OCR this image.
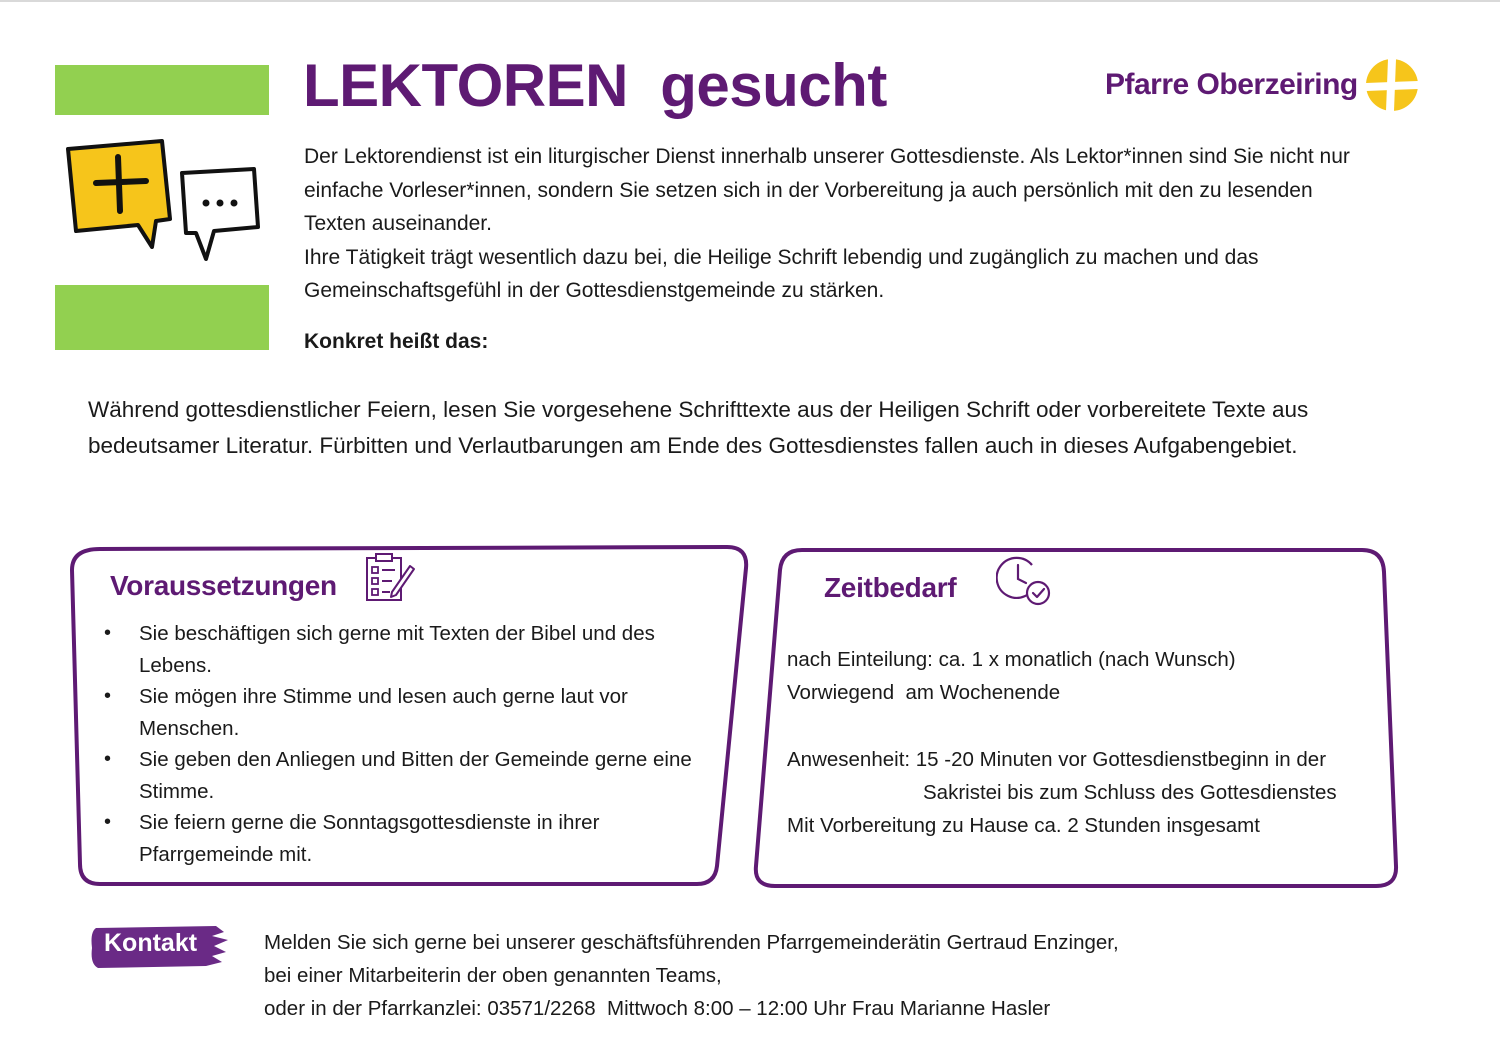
LEKTOREN  gesucht	Pfarre Oberzeiring

Der Lektorendienst ist ein liturgischer Dienst innerhalb unserer Gottesdienste. Als Lektor*innen sind Sie nicht nur

einfache Vorleser*innen, sondern Sie setzen sich in der Vorbereitung ja auch persönlich mit den zu lesenden

Texten auseinander.

Ihre Tätigkeit trägt wesentlich dazu bei, die Heilige Schrift lebendig und zugänglich zu machen und das

Gemeinschaftsgefühl in der Gottesdienstgemeinde zu stärken.

Konkret heißt das:
Während gottesdienstlicher Feiern, lesen Sie vorgesehene Schrifttexte aus der Heiligen Schrift oder vorbereitete Texte aus
bedeutsamer Literatur. Fürbitten und Verlautbarungen am Ende des Gottesdienstes fallen auch in dieses Aufgabengebiet.
Voraussetzungen
• Sie beschäftigen sich gerne mit Texten der Bibel und des Lebens.
• Sie mögen ihre Stimme und lesen auch gerne laut vor Menschen.
• Sie geben den Anliegen und Bitten der Gemeinde gerne eine Stimme.
• Sie feiern gerne die Sonntagsgottesdienste in ihrer Pfarrgemeinde mit.
Zeitbedarf
nach Einteilung: ca. 1 x monatlich (nach Wunsch)
Vorwiegend  am Wochenende
Anwesenheit: 15 -20 Minuten vor Gottesdienstbeginn in der
Sakristei bis zum Schluss des Gottesdienstes
Mit Vorbereitung zu Hause ca. 2 Stunden insgesamt
Kontakt	Melden Sie sich gerne bei unserer geschäftsführenden Pfarrgemeinderätin Gertraud Enzinger,
bei einer Mitarbeiterin der oben genannten Teams,
oder in der Pfarrkanzlei: 03571/2268  Mittwoch 8:00 – 12:00 Uhr Frau Marianne Hasler
